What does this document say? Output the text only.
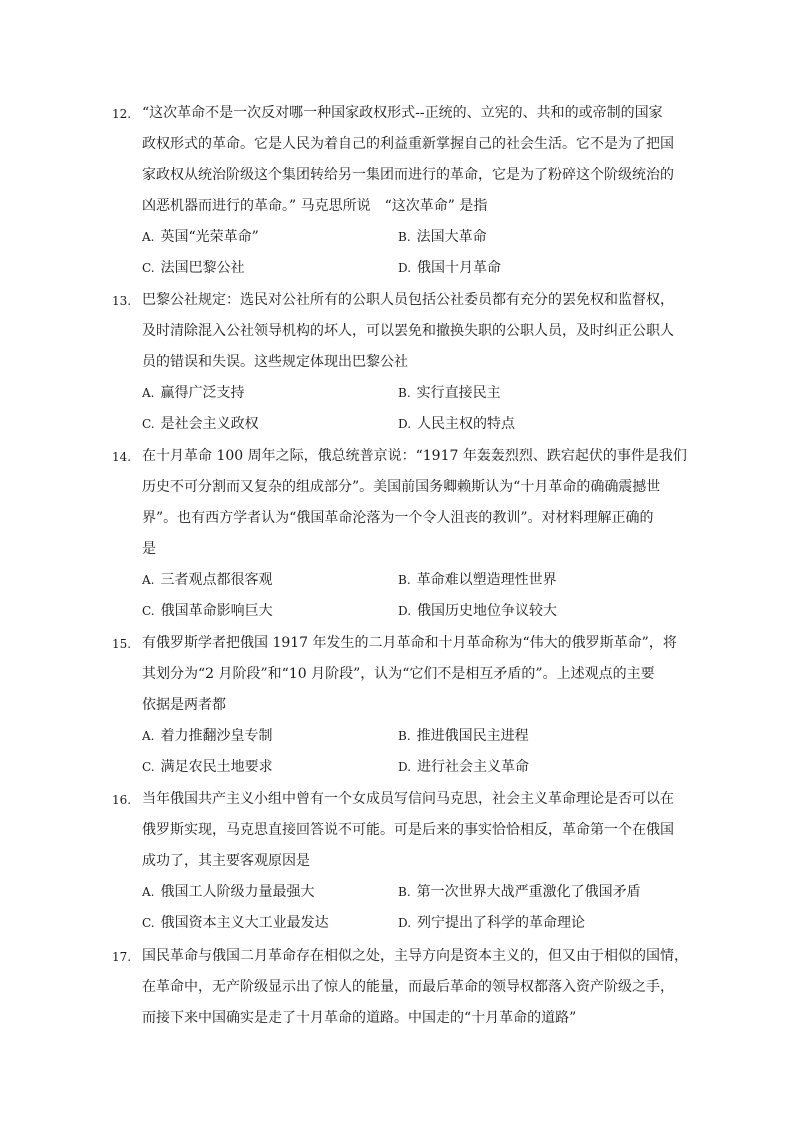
12. “这次革命不是一次反对哪一种国家政权形式--正统的、立宪的、共和的或帝制的国家
政权形式的革命。它是人民为着自己的利益重新掌握自己的社会生活。它不是为了把国
家政权从统治阶级这个集团转给另一集团而进行的革命，它是为了粉碎这个阶级统治的
凶恶机器而进行的革命。” 马克思所说　“这次革命” 是指
A. 英国“光荣革命”	B. 法国大革命
C. 法国巴黎公社	D. 俄国十月革命
13. 巴黎公社规定：选民对公社所有的公职人员包括公社委员都有充分的罢免权和监督权，
及时清除混入公社领导机构的坏人，可以罢免和撤换失职的公职人员，及时纠正公职人
员的错误和失误。这些规定体现出巴黎公社
A. 赢得广泛支持	B. 实行直接民主
C. 是社会主义政权	D. 人民主权的特点
14. 在十月革命 100 周年之际，俄总统普京说：“1917 年轰轰烈烈、跌宕起伏的事件是我们
历史不可分割而又复杂的组成部分”。美国前国务卿赖斯认为“十月革命的确确震撼世
界”。也有西方学者认为“俄国革命沦落为一个令人沮丧的教训”。对材料理解正确的
是
A. 三者观点都很客观	B. 革命难以塑造理性世界
C. 俄国革命影响巨大	D. 俄国历史地位争议较大
15. 有俄罗斯学者把俄国 1917 年发生的二月革命和十月革命称为“伟大的俄罗斯革命”，将
其划分为“2 月阶段”和“10 月阶段”，认为“它们不是相互矛盾的”。上述观点的主要
依据是两者都
A. 着力推翻沙皇专制	B. 推进俄国民主进程
C. 满足农民土地要求	D. 进行社会主义革命
16. 当年俄国共产主义小组中曾有一个女成员写信问马克思，社会主义革命理论是否可以在
俄罗斯实现，马克思直接回答说不可能。可是后来的事实恰恰相反，革命第一个在俄国
成功了，其主要客观原因是
A. 俄国工人阶级力量最强大	B. 第一次世界大战严重激化了俄国矛盾
C. 俄国资本主义大工业最发达	D. 列宁提出了科学的革命理论
17. 国民革命与俄国二月革命存在相似之处，主导方向是资本主义的，但又由于相似的国情，
在革命中，无产阶级显示出了惊人的能量，而最后革命的领导权都落入资产阶级之手，
而接下来中国确实是走了十月革命的道路。中国走的“十月革命的道路”
